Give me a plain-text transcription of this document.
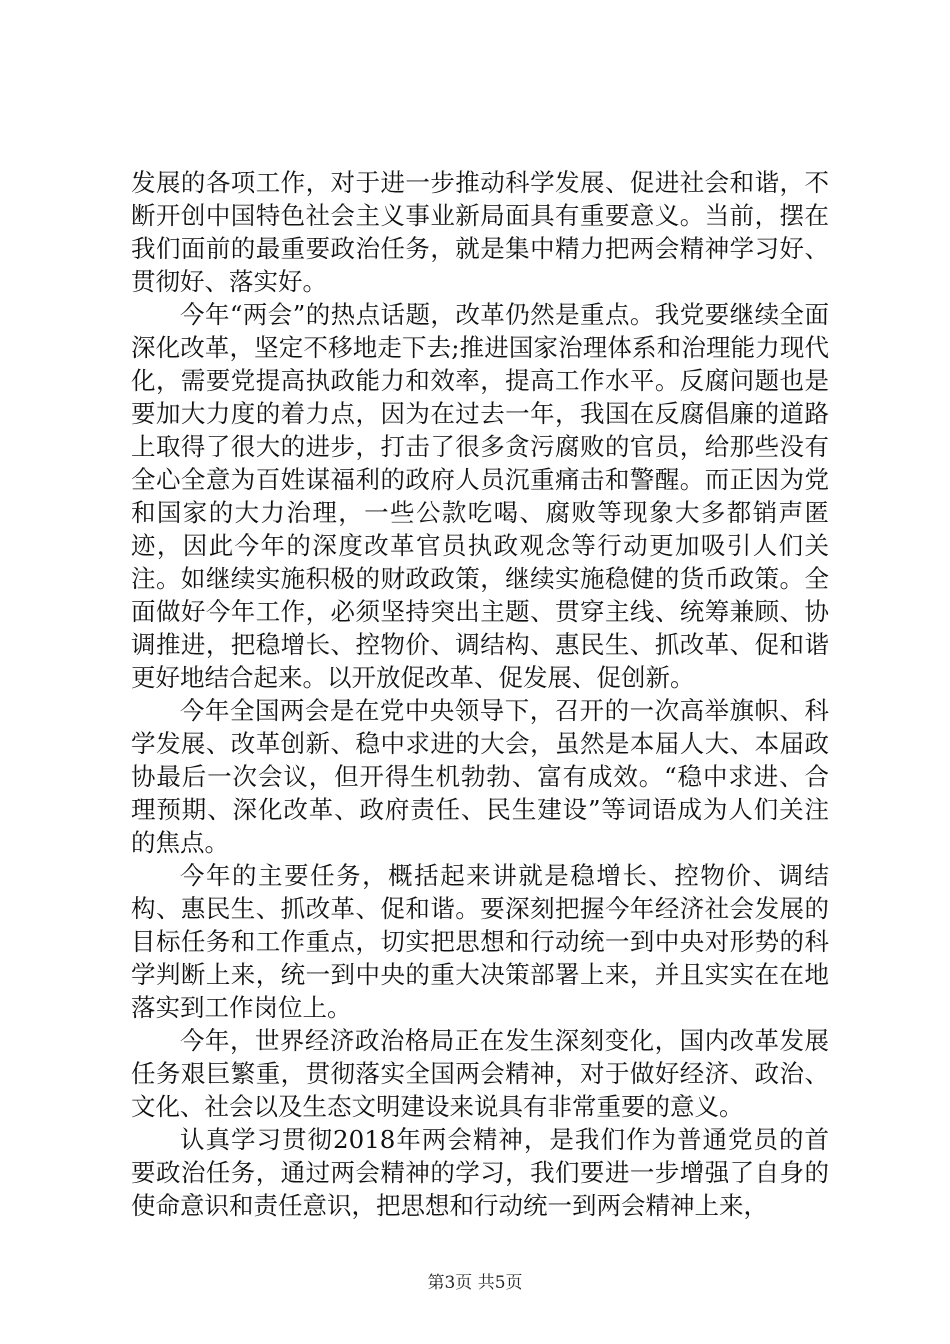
发展的各项工作，对于进一步推动科学发展、促进社会和谐，不断开创中国特色社会主义事业新局面具有重要意义。当前，摆在我们面前的最重要政治任务，就是集中精力把两会精神学习好、贯彻好、落实好。

今年“两会”的热点话题，改革仍然是重点。我党要继续全面深化改革，坚定不移地走下去;推进国家治理体系和治理能力现代化，需要党提高执政能力和效率，提高工作水平。反腐问题也是要加大力度的着力点，因为在过去一年，我国在反腐倡廉的道路上取得了很大的进步，打击了很多贪污腐败的官员，给那些没有全心全意为百姓谋福利的政府人员沉重痛击和警醒。而正因为党和国家的大力治理，一些公款吃喝、腐败等现象大多都销声匿迹，因此今年的深度改革官员执政观念等行动更加吸引人们关注。如继续实施积极的财政政策，继续实施稳健的货币政策。全面做好今年工作，必须坚持突出主题、贯穿主线、统筹兼顾、协调推进，把稳增长、控物价、调结构、惠民生、抓改革、促和谐更好地结合起来。以开放促改革、促发展、促创新。

今年全国两会是在党中央领导下，召开的一次高举旗帜、科学发展、改革创新、稳中求进的大会，虽然是本届人大、本届政协最后一次会议，但开得生机勃勃、富有成效。“稳中求进、合理预期、深化改革、政府责任、民生建设”等词语成为人们关注的焦点。

今年的主要任务，概括起来讲就是稳增长、控物价、调结构、惠民生、抓改革、促和谐。要深刻把握今年经济社会发展的目标任务和工作重点，切实把思想和行动统一到中央对形势的科学判断上来，统一到中央的重大决策部署上来，并且实实在在地落实到工作岗位上。

今年，世界经济政治格局正在发生深刻变化，国内改革发展任务艰巨繁重，贯彻落实全国两会精神，对于做好经济、政治、文化、社会以及生态文明建设来说具有非常重要的意义。

认真学习贯彻2018年两会精神，是我们作为普通党员的首要政治任务，通过两会精神的学习，我们要进一步增强了自身的使命意识和责任意识，把思想和行动统一到两会精神上来，

第3页 共5页
